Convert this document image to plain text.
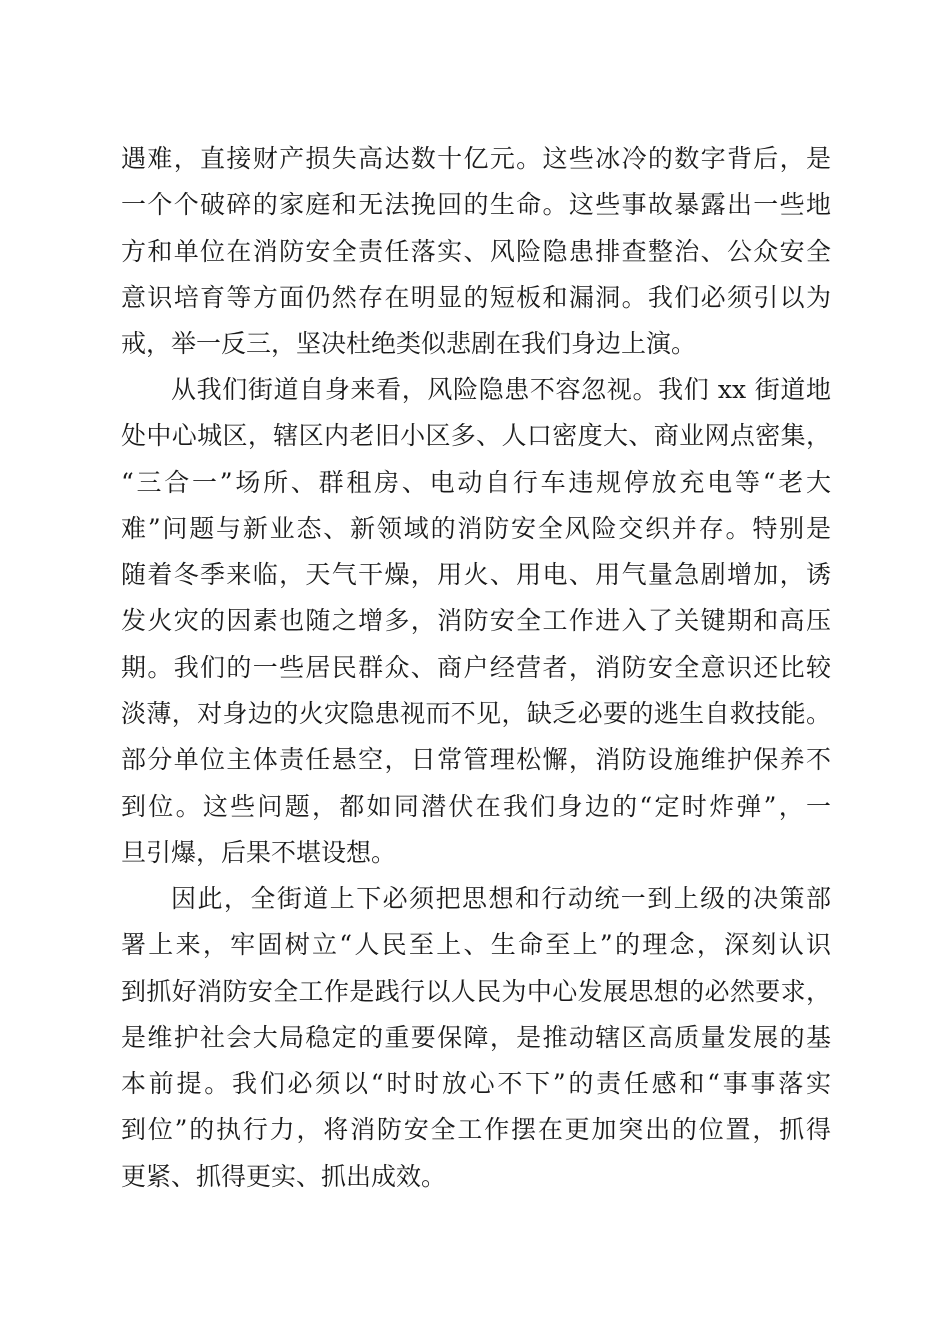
遇难，直接财产损失高达数十亿元。这些冰冷的数字背后，是
一个个破碎的家庭和无法挽回的生命。这些事故暴露出一些地
方和单位在消防安全责任落实、风险隐患排查整治、公众安全
意识培育等方面仍然存在明显的短板和漏洞。我们必须引以为
戒，举一反三，坚决杜绝类似悲剧在我们身边上演。
从我们街道自身来看，风险隐患不容忽视。我们 xx 街道地
处中心城区，辖区内老旧小区多、人口密度大、商业网点密集，
“三合一”场所、群租房、电动自行车违规停放充电等“老大
难”问题与新业态、新领域的消防安全风险交织并存。特别是
随着冬季来临，天气干燥，用火、用电、用气量急剧增加，诱
发火灾的因素也随之增多，消防安全工作进入了关键期和高压
期。我们的一些居民群众、商户经营者，消防安全意识还比较
淡薄，对身边的火灾隐患视而不见，缺乏必要的逃生自救技能。
部分单位主体责任悬空，日常管理松懈，消防设施维护保养不
到位。这些问题，都如同潜伏在我们身边的“定时炸弹”，一
旦引爆，后果不堪设想。
因此，全街道上下必须把思想和行动统一到上级的决策部
署上来，牢固树立“人民至上、生命至上”的理念，深刻认识
到抓好消防安全工作是践行以人民为中心发展思想的必然要求，
是维护社会大局稳定的重要保障，是推动辖区高质量发展的基
本前提。我们必须以“时时放心不下”的责任感和“事事落实
到位”的执行力，将消防安全工作摆在更加突出的位置，抓得
更紧、抓得更实、抓出成效。
